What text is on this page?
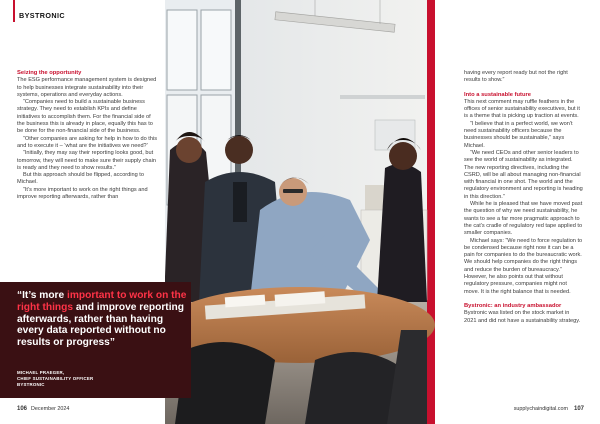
BYSTRONIC
Seizing the opportunity

The ESG performance management system is designed to help businesses integrate sustainability into their systems, operations and everyday actions.

“Companies need to build a sustainable business strategy. They need to establish KPIs and define initiatives to accomplish them. For the financial side of the business this is already in place, equally this has to be done for the non-financial side of the business.

“Other companies are asking for help in how to do this and to execute it – ‘what are the initiatives we need?’

“Initially, they may say their reporting looks good, but tomorrow, they will need to make sure their supply chain is ready and they need to show results.”

But this approach should be flipped, according to Michael.

“It’s more important to work on the right things and improve reporting afterwards, rather than

“It’s more important to work on the right things and improve reporting afterwards, rather than having every data reported without no results or progress”
MICHAEL PRAEGER,
CHIEF SUSTAINABILITY OFFICER
BYSTRONIC

having every report ready but not the right results to show.”

Into a sustainable future

This next comment may ruffle feathers in the offices of senior sustainability executives, but it is a theme that is picking up traction at events.

“I believe that in a perfect world, we won’t need sustainability officers because the businesses should be sustainable,” says Michael.

“We need CEOs and other senior leaders to see the world of sustainability as integrated. The new reporting directives, including the CSRD, will be all about managing non-financial with financial in one shot. The world and the regulatory environment and reporting is heading in this direction.”

While he is pleased that we have moved past the question of why we need sustainability, he wants to see a far more pragmatic approach to the cat’s cradle of regulatory red tape applied to smaller companies.

Michael says: “We need to force regulation to be condensed because right now it can be a pain for companies to do the bureaucratic work. We should help companies do the right things and reduce the burden of bureaucracy.” However, he also points out that without regulatory pressure, companies might not move. It is the right balance that is needed.

Bystronic: an industry ambassador

Bystronic was listed on the stock market in 2021 and did not have a sustainability strategy.

106 December 2024	supplychaindigital.com 107
